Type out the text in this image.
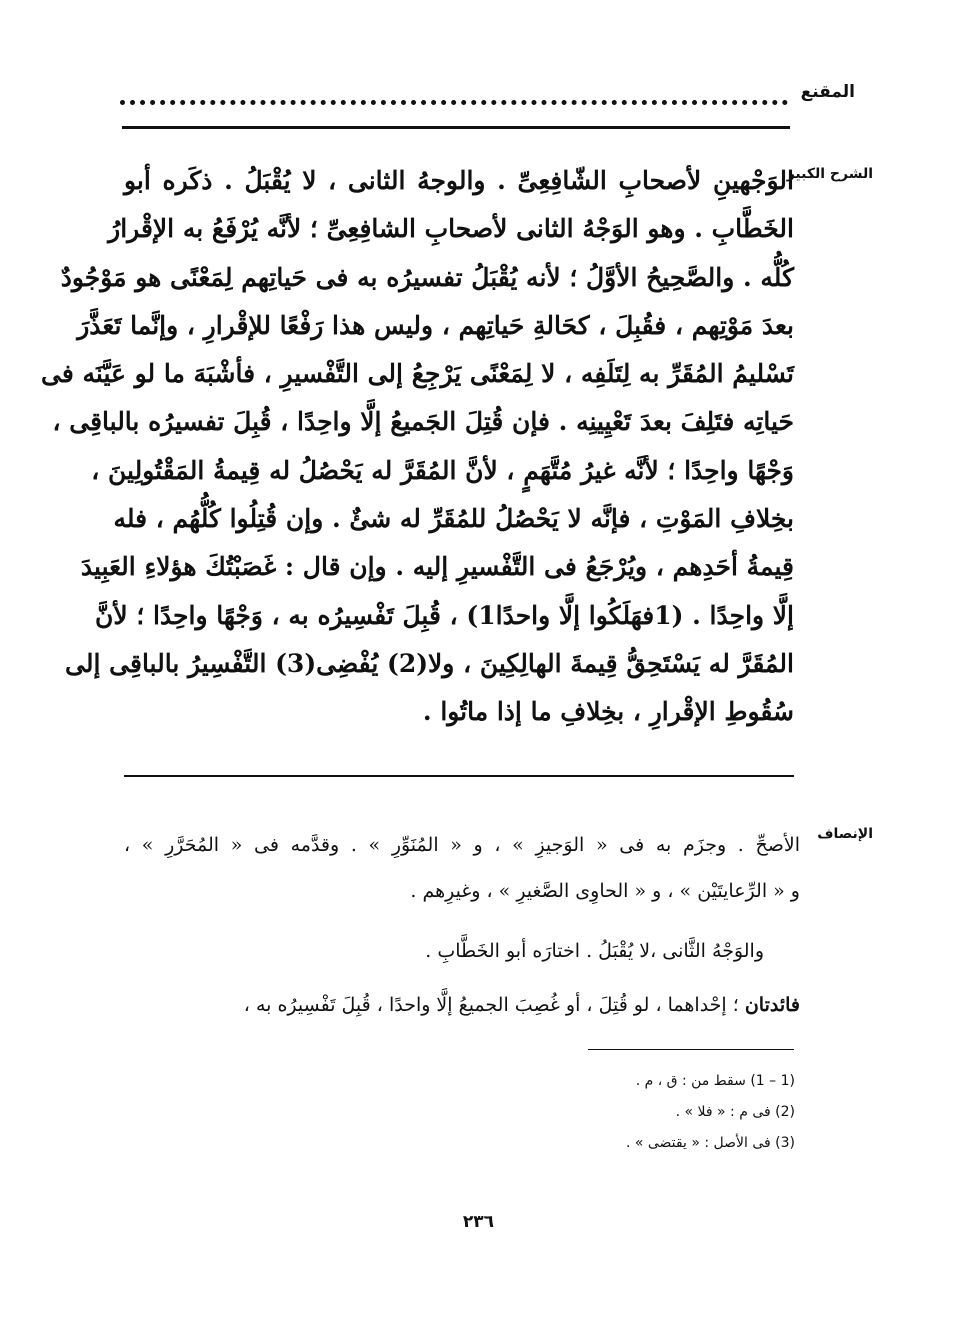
المقنع
الشرح الكبير
الوَجْهينِ لأصحابِ الشّافِعِىِّ . والوجهُ الثانى ، لا يُقْبَلُ . ذكَره أبو
الخَطَّابِ . وهو الوَجْهُ الثانى لأصحابِ الشافِعِىِّ ؛ لأنَّه يُرْفَعُ به الإقْرارُ
كُلُّه . والصَّحِيحُ الأوَّلُ ؛ لأنه يُقْبَلُ تفسيرُه به فى حَياتِهم لِمَعْنًى هو مَوْجُودٌ
بعدَ مَوْتِهم ، فقُبِلَ ، كحَالةِ حَياتِهم ، وليس هذا رَفْعًا للإقْرارِ ، وإنَّما تَعَذَّرَ
تَسْليمُ المُقَرِّ به لِتَلَفِه ، لا لِمَعْنًى يَرْجِعُ إلى التَّفْسيرِ ، فأشْبَهَ ما لو عَيَّنَه فى
حَياتِه فتَلِفَ بعدَ تَعْيِينِه . فإن قُتِلَ الجَميعُ إلَّا واحِدًا ، قُبِلَ تفسيرُه بالباقِى ،
وَجْهًا واحِدًا ؛ لأنَّه غيرُ مُتَّهَمٍ ، لأنَّ المُقَرَّ له يَحْصُلُ له قِيمةُ المَقْتُولِينَ ،
بخِلافِ المَوْتِ ، فإنَّه لا يَحْصُلُ للمُقَرِّ له شئٌ . وإن قُتِلُوا كُلُّهُم ، فله
قِيمةُ أحَدِهم ، ويُرْجَعُ فى التَّفْسيرِ إليه . وإن قال : غَصَبْتُكَ هؤلاءِ العَبِيدَ
إلَّا واحِدًا . (1فهَلَكُوا إلَّا واحدًا1) ، قُبِلَ تَفْسِيرُه به ، وَجْهًا واحِدًا ؛ لأنَّ
المُقَرَّ له يَسْتَحِقُّ قِيمةَ الهالِكِينَ ، ولا(2) يُفْضِى(3) التَّفْسِيرُ بالباقِى إلى
سُقُوطِ الإقْرارِ ، بخِلافِ ما إذا ماتُوا .
الإنصاف
الأصحِّ . وجزَم به فى « الوَجيزِ » ، و « المُنَوِّرِ » . وقدَّمه فى « المُحَرَّرِ » ،
و « الرِّعايتَيْن » ، و « الحاوِى الصَّغيرِ » ، وغيرِهم .
والوَجْهُ الثَّانى ،لا يُقْبَلُ . اختارَه أبو الخَطَّابِ .
فائدتان ؛ إحْداهما ، لو قُتِلَ ، أو غُصِبَ الجميعُ إلَّا واحدًا ، قُبِلَ تَفْسِيرُه به ،
(1 – 1) سقط من : ق ، م .
(2) فى م : « فلا » .
(3) فى الأصل : « يقتضى » .
٢٣٦
